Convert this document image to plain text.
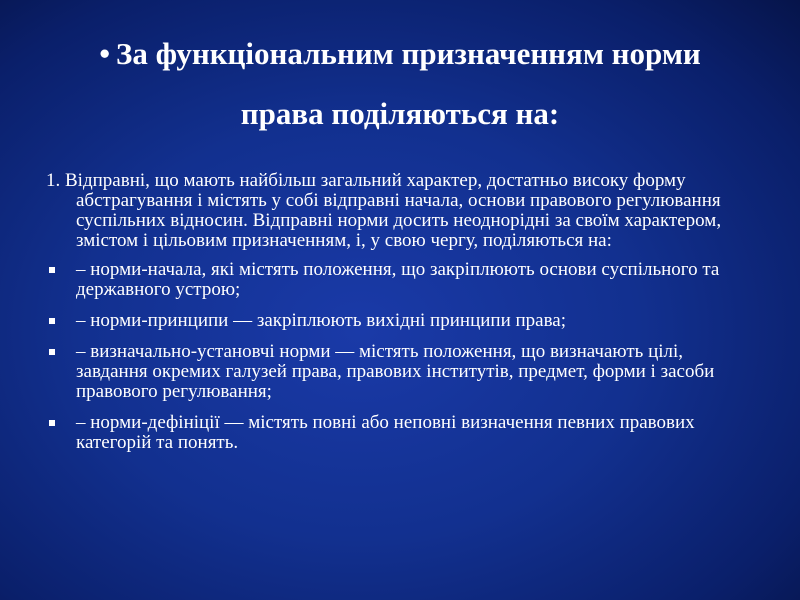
• За функціональним призначенням норми
права поділяються на:

1. Відправні, що мають найбільш загальний характер, достатньо високу форму абстрагування і містять у собі відправні начала, основи правового регулювання суспільних відносин. Відправні норми досить неоднорідні за своїм характером, змістом і цільовим призначенням, і, у свою чергу, поділяються на:

– норми-начала, які містять положення, що закріплюють основи суспільного та державного устрою;
– норми-принципи — закріплюють вихідні принципи права;
– визначально-установчі норми — містять положення, що визначають цілі, завдання окремих галузей права, правових інститутів, предмет, форми і засоби правового регулювання;
– норми-дефініції — містять повні або неповні визначення певних правових категорій та понять.
